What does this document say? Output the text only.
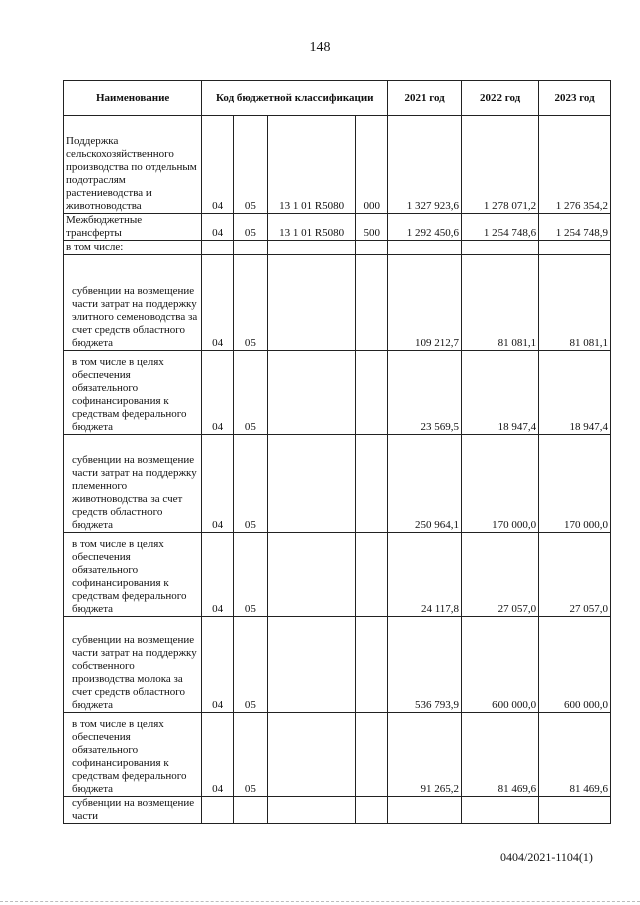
148
Наименование	Код бюджетной классификации				2021 год	2022 год	2023 год
Поддержка сельскохозяйственного производства по отдельным подотраслям растениеводства и животноводства	04	05	13 1 01 R5080	000	1 327 923,6	1 278 071,2	1 276 354,2
Межбюджетные трансферты	04	05	13 1 01 R5080	500	1 292 450,6	1 254 748,6	1 254 748,9
в том числе:							
субвенции на возмещение части затрат на поддержку элитного семеноводства за счет средств областного бюджета	04	05			109 212,7	81 081,1	81 081,1
в том числе в целях обеспечения обязательного софинансирования к средствам федерального бюджета	04	05			23 569,5	18 947,4	18 947,4
субвенции на возмещение части затрат на поддержку племенного животноводства за счет средств областного бюджета	04	05			250 964,1	170 000,0	170 000,0
в том числе в целях обеспечения обязательного софинансирования к средствам федерального бюджета	04	05			24 117,8	27 057,0	27 057,0
субвенции на возмещение части затрат на поддержку собственного производства молока за счет средств областного бюджета	04	05			536 793,9	600 000,0	600 000,0
в том числе в целях обеспечения обязательного софинансирования к средствам федерального бюджета	04	05			91 265,2	81 469,6	81 469,6
субвенции на возмещение части							
0404/2021-1104(1)
